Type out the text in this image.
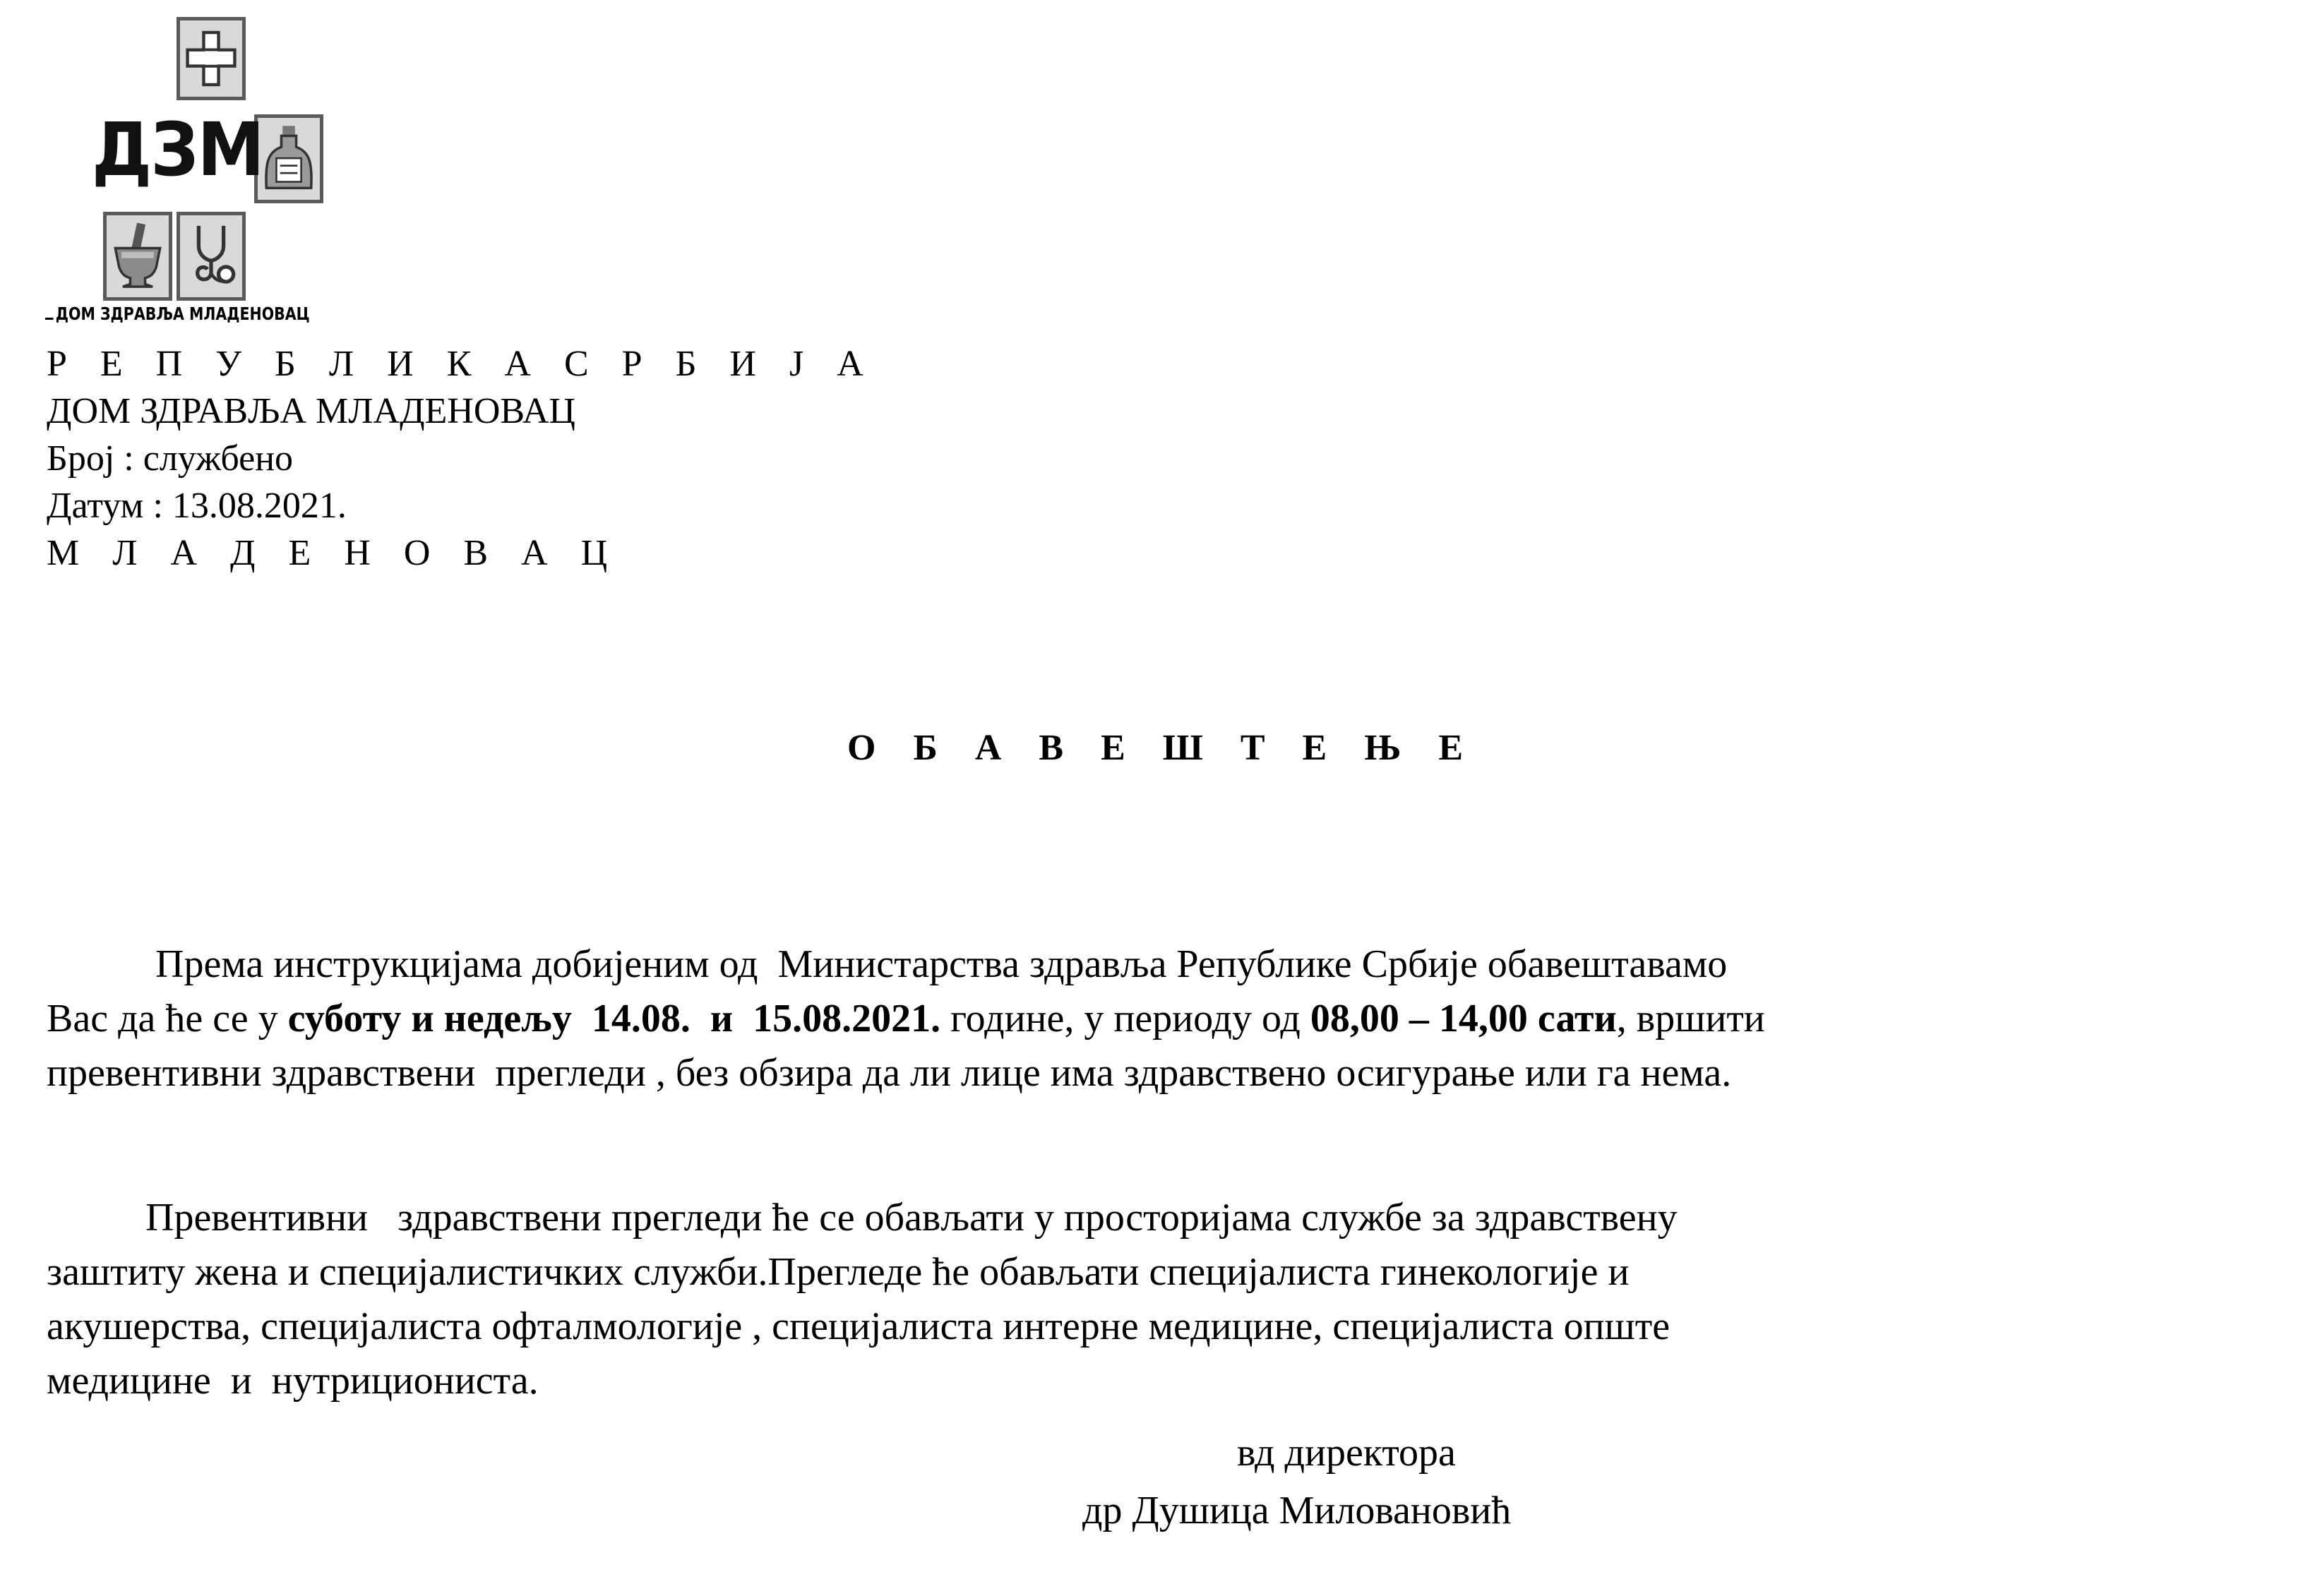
ДЗМ
ДОМ ЗДРАВЉА МЛАДЕНОВАЦ
Р Е П У Б Л И К А С Р Б И Ј А
ДОМ ЗДРАВЉА МЛАДЕНОВАЦ
Број : службено
Датум : 13.08.2021.
М Л А Д Е Н О В А Ц
О Б А В Е Ш Т Е Њ Е
Према инструкцијама добијеним од  Министарства здравља Републике Србије обавештавамо
Вас да ће се у суботу и недељу  14.08.  и  15.08.2021. године, у периоду од 08,00 – 14,00 сати, вршити
превентивни здравствени  прегледи , без обзира да ли лице има здравствено осигурање или га нема.
Превентивни   здравствени прегледи ће се обављати у просторијама службе за здравствену
заштиту жена и специјалистичких служби.Прегледе ће обављати специјалиста гинекологије и
акушерства, специјалиста офталмологије , специјалиста интерне медицине, специјалиста опште
медицине  и  нутрициониста.
вд директора
др Душица Миловановић
